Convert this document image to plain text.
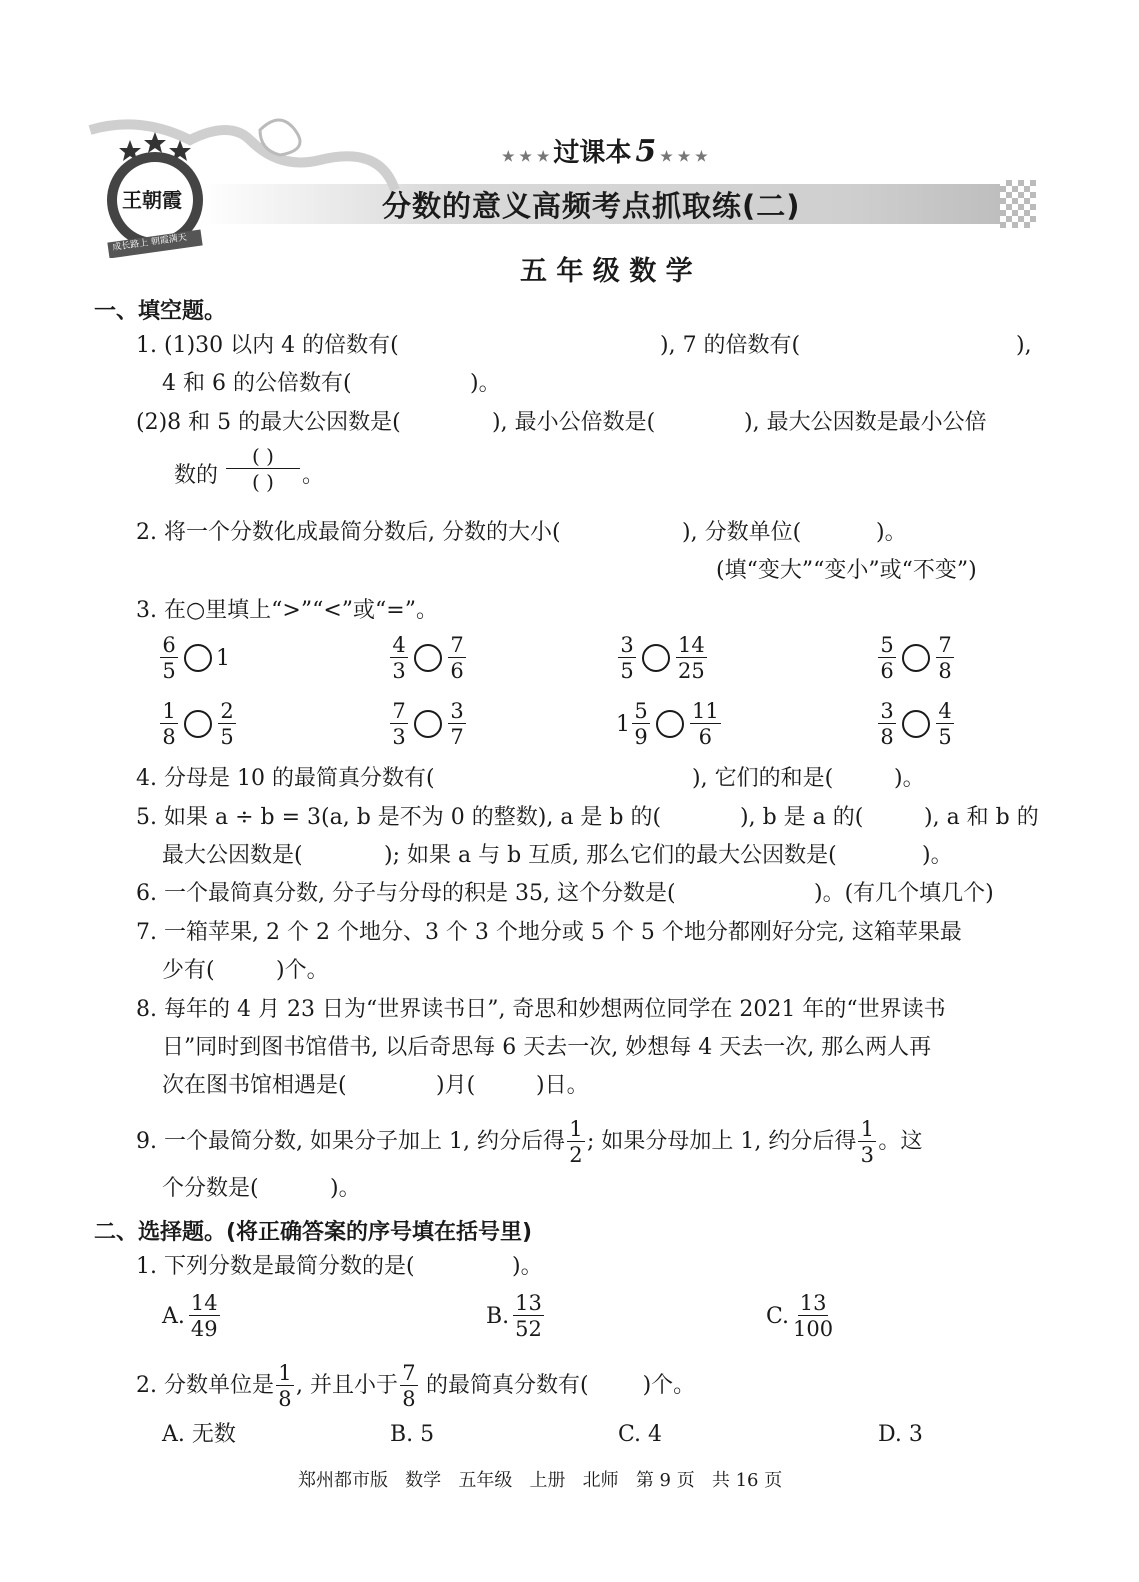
王朝霞
成长路上 朝霞满天
★ ★ ★ 过课本 5 ★ ★ ★
分数的意义高频考点抓取练(二)
五 年 级 数 学
一、填空题。
1. (1)30 以内 4 的倍数有(	), 7 的倍数有(	),
4 和 6 的公倍数有(	)。
(2)8 和 5 的最大公因数是(	), 最小公倍数是(	), 最大公因数是最小公倍
数的 $\frac{( )}{( )}$ 。
2. 将一个分数化成最简分数后, 分数的大小(	), 分数单位(	)。
(填“变大”“变小”或“不变”)
3. 在○里填上“>”“<”或“=”。
$\frac{6}{5} 1$	$\frac{4}{3} \frac{7}{6}$	$\frac{3}{5} \frac{14}{25}$	$\frac{5}{6} \frac{7}{8}$
$\frac{1}{8} \frac{2}{5}$	$\frac{7}{3} \frac{3}{7}$	$1 \frac{5}{9} \frac{11}{6}$	$\frac{3}{8} \frac{4}{5}$
4. 分母是 10 的最简真分数有(	), 它们的和是(	)。
5. 如果 a ÷ b = 3(a, b 是不为 0 的整数), a 是 b 的(	), b 是 a 的(	), a 和 b 的
最大公因数是(	); 如果 a 与 b 互质, 那么它们的最大公因数是(	)。
6. 一个最简真分数, 分子与分母的积是 35, 这个分数是(	)。(有几个填几个)
7. 一箱苹果, 2 个 2 个地分、3 个 3 个地分或 5 个 5 个地分都刚好分完, 这箱苹果最
少有(	)个。
8. 每年的 4 月 23 日为“世界读书日”, 奇思和妙想两位同学在 2021 年的“世界读书
日”同时到图书馆借书, 以后奇思每 6 天去一次, 妙想每 4 天去一次, 那么两人再
次在图书馆相遇是(	)月(	)日。
9. 一个最简分数, 如果分子加上 1, 约分后得 $\frac{1}{2}$ ; 如果分母加上 1, 约分后得 $\frac{1}{3}$ 。这
个分数是(	)。
二、选择题。(将正确答案的序号填在括号里)
1. 下列分数是最简分数的是(	)。
A. $\frac{14}{49}$	B. $\frac{13}{52}$	C. $\frac{13}{100}$
2. 分数单位是 $\frac{1}{8}$ , 并且小于 $\frac{7}{8}$ 的最简真分数有( )个。
A. 无数	B. 5	C. 4	D. 3
郑州都市版   数学   五年级   上册   北师   第 9 页   共 16 页
